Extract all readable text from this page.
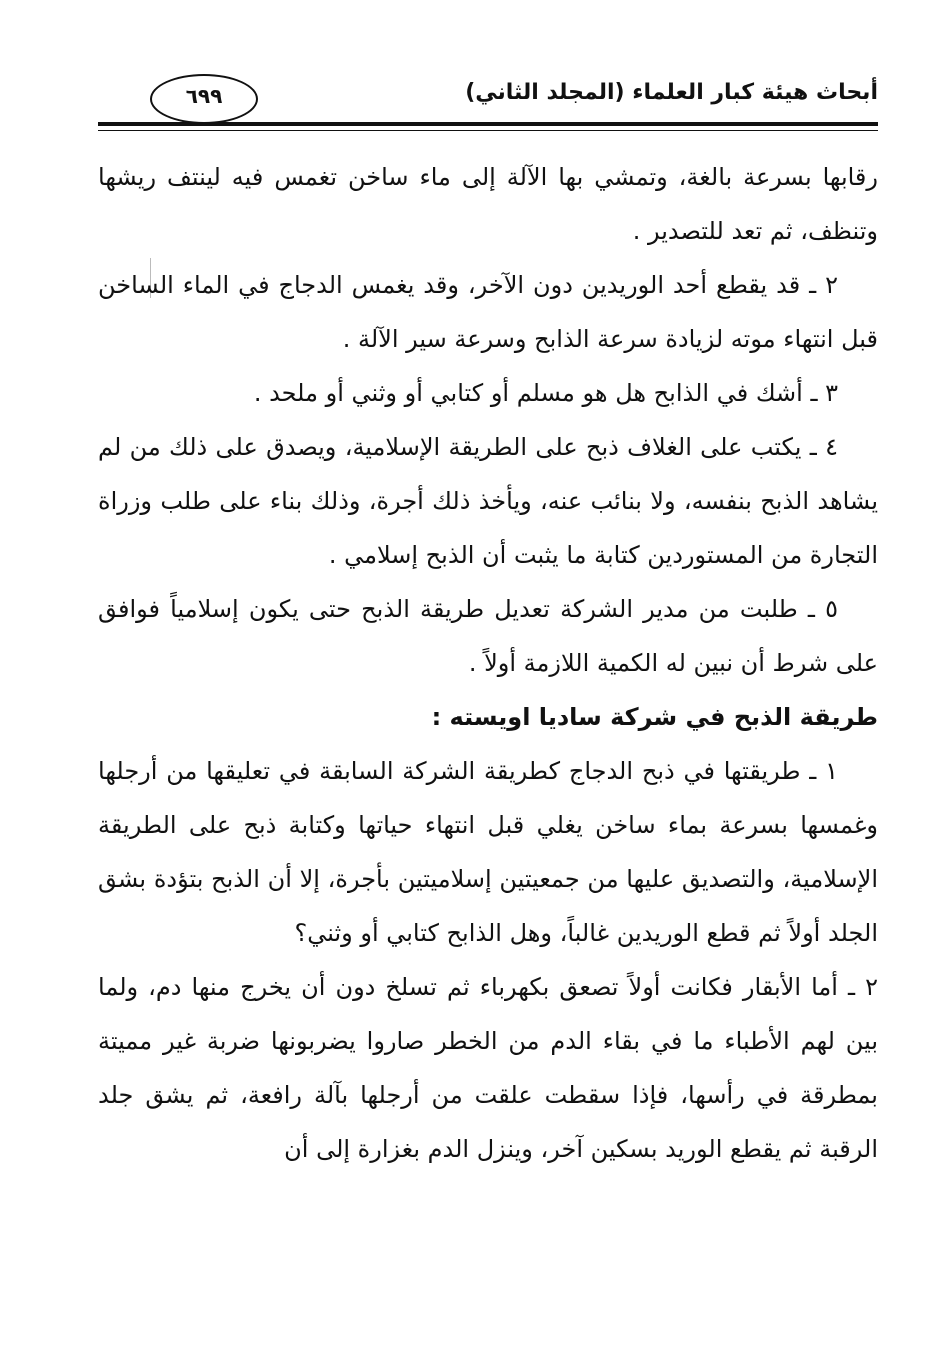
أبحاث هيئة كبار العلماء (المجلد الثاني)
٦٩٩

رقابها بسرعة بالغة، وتمشي بها الآلة إلى ماء ساخن تغمس فيه لينتف ريشها وتنظف، ثم تعد للتصدير .

٢ ـ قد يقطع أحد الوريدين دون الآخر، وقد يغمس الدجاج في الماء الساخن قبل انتهاء موته لزيادة سرعة الذابح وسرعة سير الآلة .

٣ ـ أشك في الذابح هل هو مسلم أو كتابي أو وثني أو ملحد .

٤ ـ يكتب على الغلاف ذبح على الطريقة الإسلامية، ويصدق على ذلك من لم يشاهد الذبح بنفسه، ولا بنائب عنه، ويأخذ ذلك أجرة، وذلك بناء على طلب وزراة التجارة من المستوردين كتابة ما يثبت أن الذبح إسلامي .

٥ ـ طلبت من مدير الشركة تعديل طريقة الذبح حتى يكون إسلامياً فوافق على شرط أن نبين له الكمية اللازمة أولاً .

طريقة الذبح في شركة ساديا اويسته :

١ ـ طريقتها في ذبح الدجاج كطريقة الشركة السابقة في تعليقها من أرجلها وغمسها بسرعة بماء ساخن يغلي قبل انتهاء حياتها وكتابة ذبح على الطريقة الإسلامية، والتصديق عليها من جمعيتين إسلاميتين بأجرة، إلا أن الذبح بتؤدة بشق الجلد أولاً ثم قطع الوريدين غالباً، وهل الذابح كتابي أو وثني؟

٢ ـ أما الأبقار فكانت أولاً تصعق بكهرباء ثم تسلخ دون أن يخرج منها دم، ولما بين لهم الأطباء ما في بقاء الدم من الخطر صاروا يضربونها ضربة غير مميتة بمطرقة في رأسها، فإذا سقطت علقت من أرجلها بآلة رافعة، ثم يشق جلد الرقبة ثم يقطع الوريد بسكين آخر، وينزل الدم بغزارة إلى أن
